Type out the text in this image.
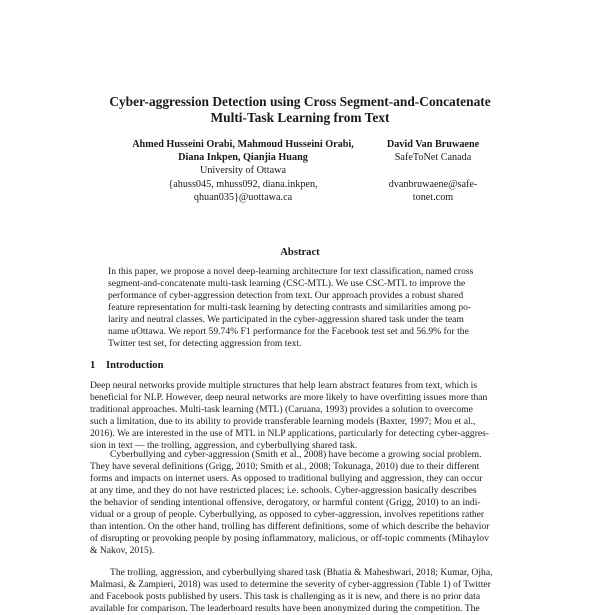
Cyber-aggression Detection using Cross Segment-and-Concatenate
Multi-Task Learning from Text
Ahmed Husseini Orabi, Mahmoud Husseini Orabi,
Diana Inkpen, Qianjia Huang
University of Ottawa
{ahuss045, mhuss092, diana.inkpen,
qhuan035}@uottawa.ca
David Van Bruwaene
SafeToNet Canada
dvanbruwaene@safe-
tonet.com
Abstract
In this paper, we propose a novel deep-learning architecture for text classification, named cross
segment-and-concatenate multi-task learning (CSC-MTL). We use CSC-MTL to improve the
performance of cyber-aggression detection from text. Our approach provides a robust shared
feature representation for multi-task learning by detecting contrasts and similarities among po-
larity and neutral classes. We participated in the cyber-aggression shared task under the team
name uOttawa. We report 59.74% F1 performance for the Facebook test set and 56.9% for the
Twitter test set, for detecting aggression from text.
1 Introduction
Deep neural networks provide multiple structures that help learn abstract features from text, which is
beneficial for NLP. However, deep neural networks are more likely to have overfitting issues more than
traditional approaches. Multi-task learning (MTL) (Caruana, 1993) provides a solution to overcome
such a limitation, due to its ability to provide transferable learning models (Baxter, 1997; Mou et al.,
2016). We are interested in the use of MTL in NLP applications, particularly for detecting cyber-aggres-
sion in text — the trolling, aggression, and cyberbullying shared task.
Cyberbullying and cyber-aggression (Smith et al., 2008) have become a growing social problem.
They have several definitions (Grigg, 2010; Smith et al., 2008; Tokunaga, 2010) due to their different
forms and impacts on internet users. As opposed to traditional bullying and aggression, they can occur
at any time, and they do not have restricted places; i.e. schools. Cyber-aggression basically describes
the behavior of sending intentional offensive, derogatory, or harmful content (Grigg, 2010) to an indi-
vidual or a group of people. Cyberbullying, as opposed to cyber-aggression, involves repetitions rather
than intention. On the other hand, trolling has different definitions, some of which describe the behavior
of disrupting or provoking people by posing inflammatory, malicious, or off-topic comments (Mihaylov
& Nakov, 2015).
The trolling, aggression, and cyberbullying shared task (Bhatia & Maheshwari, 2018; Kumar, Ojha,
Malmasi, & Zampieri, 2018) was used to determine the severity of cyber-aggression (Table 1) of Twitter
and Facebook posts published by users. This task is challenging as it is new, and there is no prior data
available for comparison. The leaderboard results have been anonymized during the competition. The
